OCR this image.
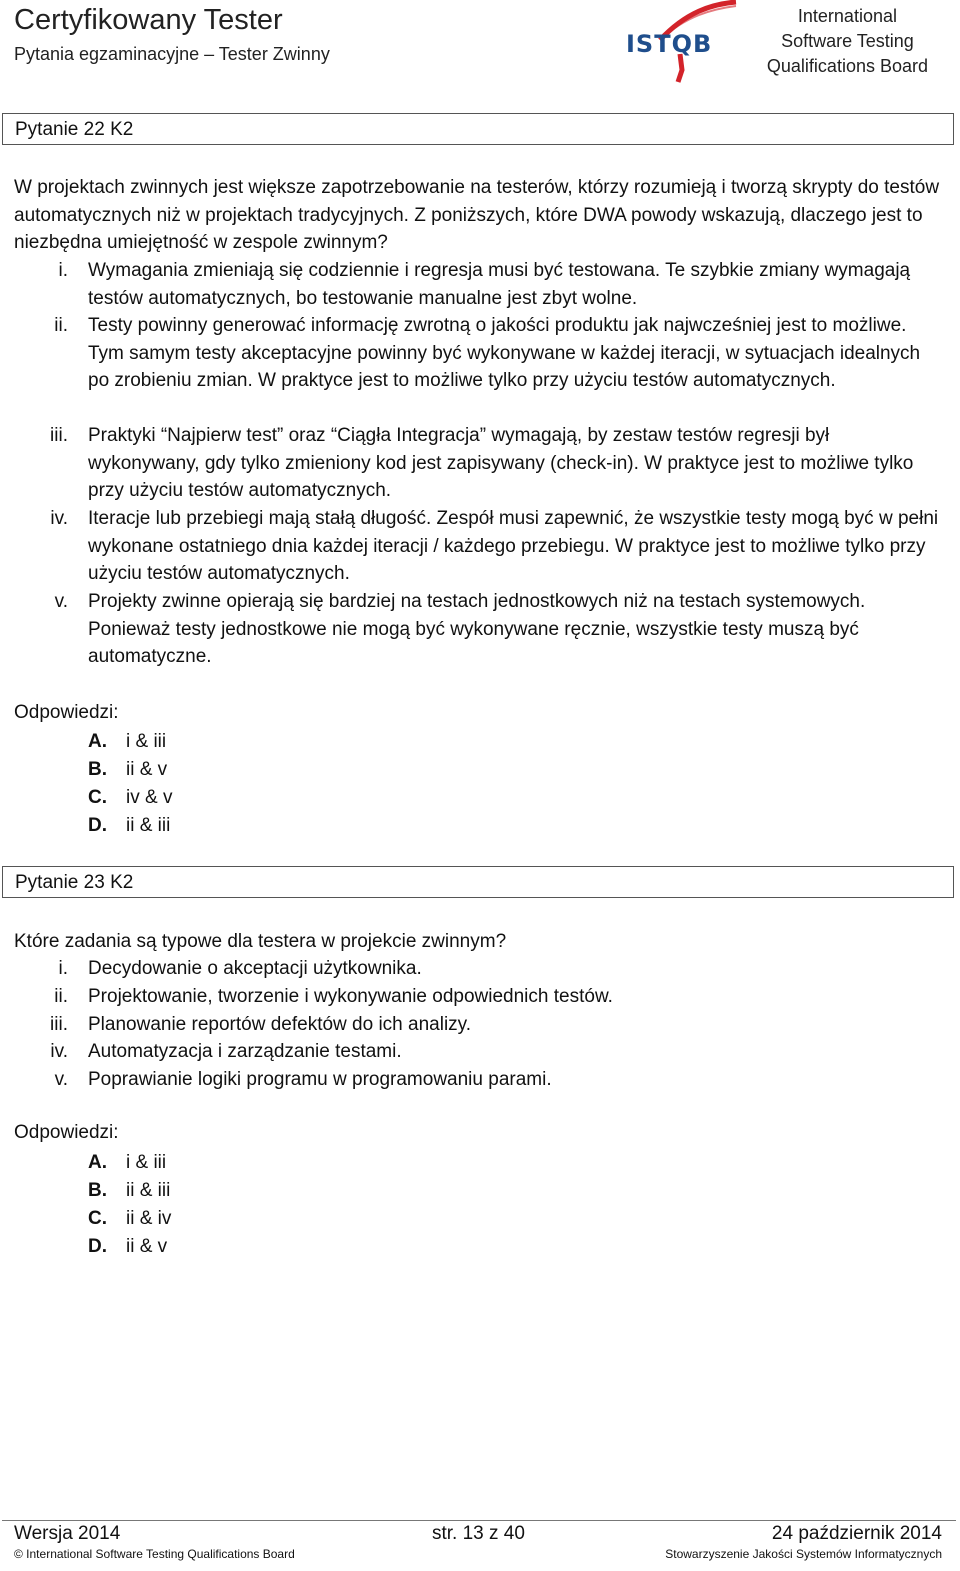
Certyfikowany Tester
Pytania egzaminacyjne – Tester Zwinny	ISTQB
International
Software Testing
Qualifications Board
Pytanie 22 K2
W projektach zwinnych jest większe zapotrzebowanie na testerów, którzy rozumieją i tworzą skrypty do testów automatycznych niż w projektach tradycyjnych. Z poniższych, które DWA powody wskazują, dlaczego jest to niezbędna umiejętność w zespole zwinnym?
i.	Wymagania zmieniają się codziennie i regresja musi być testowana. Te szybkie zmiany wymagają testów automatycznych, bo testowanie manualne jest zbyt wolne.
ii.	Testy powinny generować informację zwrotną o jakości produktu jak najwcześniej jest to możliwe. Tym samym testy akceptacyjne powinny być wykonywane w każdej iteracji, w sytuacjach idealnych po zrobieniu zmian. W praktyce jest to możliwe tylko przy użyciu testów automatycznych.
iii.	Praktyki “Najpierw test” oraz “Ciągła Integracja” wymagają, by zestaw testów regresji był wykonywany, gdy tylko zmieniony kod jest zapisywany (check-in). W praktyce jest to możliwe tylko przy użyciu testów automatycznych.
iv.	Iteracje lub przebiegi mają stałą długość. Zespół musi zapewnić, że wszystkie testy mogą być w pełni wykonane ostatniego dnia każdej iteracji / każdego przebiegu. W praktyce jest to możliwe tylko przy użyciu testów automatycznych.
v.	Projekty zwinne opierają się bardziej na testach jednostkowych niż na testach systemowych. Ponieważ testy jednostkowe nie mogą być wykonywane ręcznie, wszystkie testy muszą być automatyczne.
Odpowiedzi:
A.	i & iii
B.	ii & v
C.	iv & v
D.	ii & iii
Pytanie 23 K2
Które zadania są typowe dla testera w projekcie zwinnym?
i.	Decydowanie o akceptacji użytkownika.
ii.	Projektowanie, tworzenie i wykonywanie odpowiednich testów.
iii.	Planowanie reportów defektów do ich analizy.
iv.	Automatyzacja i zarządzanie testami.
v.	Poprawianie logiki programu w programowaniu parami.
Odpowiedzi:
A.	i & iii
B.	ii & iii
C.	ii & iv
D.	ii & v
Wersja 2014	str. 13 z 40	24 październik 2014
© International Software Testing Qualifications Board	Stowarzyszenie Jakości Systemów Informatycznych
